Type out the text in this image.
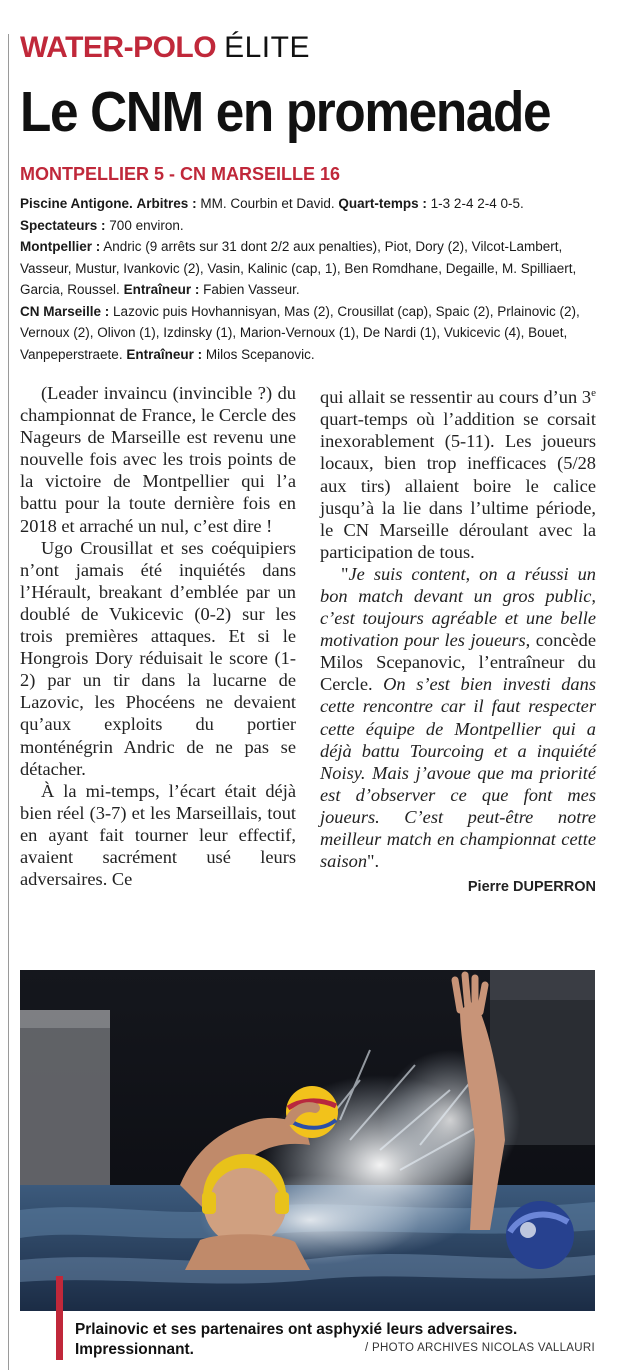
WATER-POLO ÉLITE
Le CNM en promenade
MONTPELLIER 5 - CN MARSEILLE 16

Piscine Antigone. Arbitres : MM. Courbin et David. Quart-temps : 1-3 2-4 2-4 0-5.

Spectateurs : 700 environ.

Montpellier : Andric (9 arrêts sur 31 dont 2/2 aux penalties), Piot, Dory (2), Vilcot-Lambert, Vasseur, Mustur, Ivankovic (2), Vasin, Kalinic (cap, 1), Ben Romdhane, Degaille, M. Spilliaert, Garcia, Roussel. Entraîneur : Fabien Vasseur.

CN Marseille : Lazovic puis Hovhannisyan, Mas (2), Crousillat (cap), Spaic (2), Prlainovic (2), Vernoux (2), Olivon (1), Izdinsky (1), Marion-Vernoux (1), De Nardi (1), Vukicevic (4), Bouet, Vanpeperstraete. Entraîneur : Milos Scepanovic.

(Leader invaincu (invincible ?) du championnat de France, le Cercle des Nageurs de Marseille est revenu une nouvelle fois avec les trois points de la victoire de Montpellier qui l’a battu pour la toute dernière fois en 2018 et arraché un nul, c’est dire !

Ugo Crousillat et ses coéquipiers n’ont jamais été inquiétés dans l’Hérault, breakant d’emblée par un doublé de Vukicevic (0-2) sur les trois premières attaques. Et si le Hongrois Dory réduisait le score (1-2) par un tir dans la lucarne de Lazovic, les Phocéens ne devaient qu’aux exploits du portier monténégrin Andric de ne pas se détacher.

À la mi-temps, l’écart était déjà bien réel (3-7) et les Marseillais, tout en ayant fait tourner leur effectif, avaient sacrément usé leurs adversaires. Ce

qui allait se ressentir au cours d’un 3e quart-temps où l’addition se corsait inexorablement (5-11). Les joueurs locaux, bien trop inefficaces (5/28 aux tirs) allaient boire le calice jusqu’à la lie dans l’ultime période, le CN Marseille déroulant avec la participation de tous.

"Je suis content, on a réussi un bon match devant un gros public, c’est toujours agréable et une belle motivation pour les joueurs, concède Milos Scepanovic, l’entraîneur du Cercle. On s’est bien investi dans cette rencontre car il faut respecter cette équipe de Montpellier qui a déjà battu Tourcoing et a inquiété Noisy. Mais j’avoue que ma priorité est d’observer ce que font mes joueurs. C’est peut-être notre meilleur match en championnat cette saison".

Pierre DUPERRON
Prlainovic et ses partenaires ont asphyxié leurs adversaires. Impressionnant.	/ PHOTO ARCHIVES NICOLAS VALLAURI
